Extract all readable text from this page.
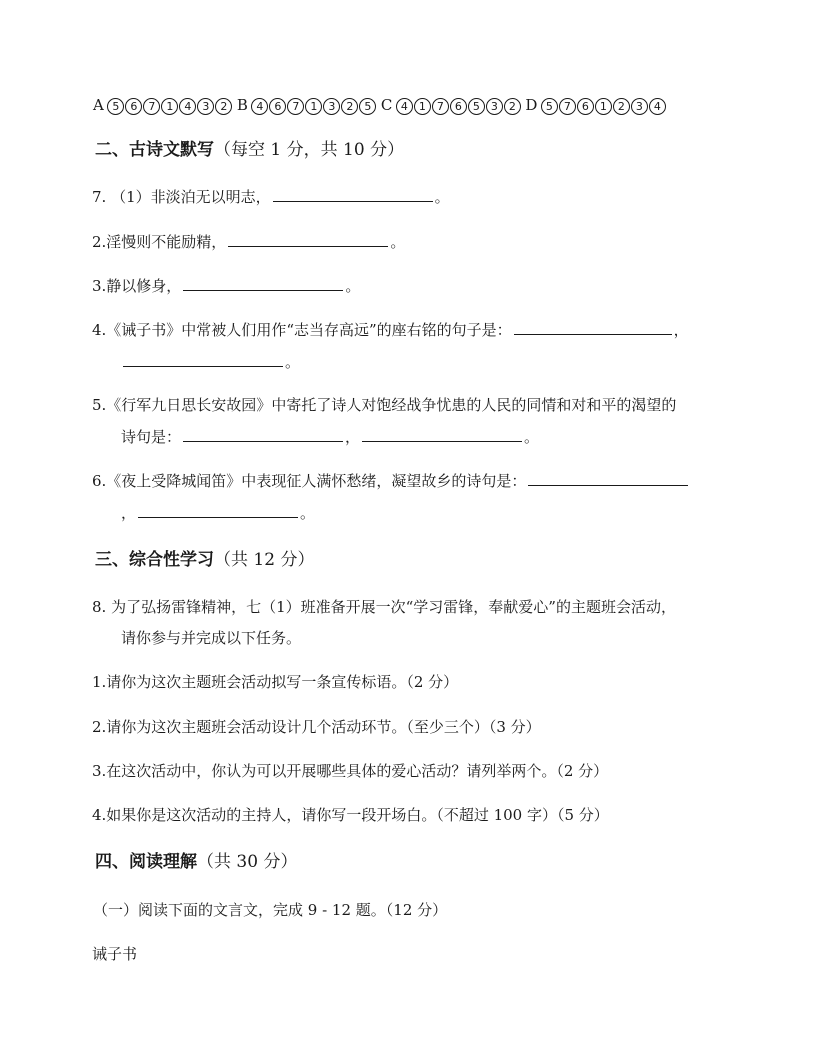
A 5 6 7 1 4 3 2 B 4 6 7 1 3 2 5 C 4 1 7 6 5 3 2 D 5 7 6 1 2 3 4
二、古诗文默写（每空 1 分，共 10 分）
7. （1）非淡泊无以明志，	。
2.淫慢则不能励精，	。
3.静以修身，	。
4.《诫子书》中常被人们用作“志当存高远”的座右铭的句子是：	，
。
5.《行军九日思长安故园》中寄托了诗人对饱经战争忧患的人民的同情和对和平的渴望的
诗句是：	，	。
6.《夜上受降城闻笛》中表现征人满怀愁绪，凝望故乡的诗句是：
，	。
三、综合性学习（共 12 分）
8. 为了弘扬雷锋精神，七（1）班准备开展一次“学习雷锋，奉献爱心”的主题班会活动，
请你参与并完成以下任务。
1.请你为这次主题班会活动拟写一条宣传标语。（2 分）
2.请你为这次主题班会活动设计几个活动环节。（至少三个）（3 分）
3.在这次活动中，你认为可以开展哪些具体的爱心活动？请列举两个。（2 分）
4.如果你是这次活动的主持人，请你写一段开场白。（不超过 100 字）（5 分）
四、阅读理解（共 30 分）
（一）阅读下面的文言文，完成 9 - 12 题。（12 分）
诫子书
